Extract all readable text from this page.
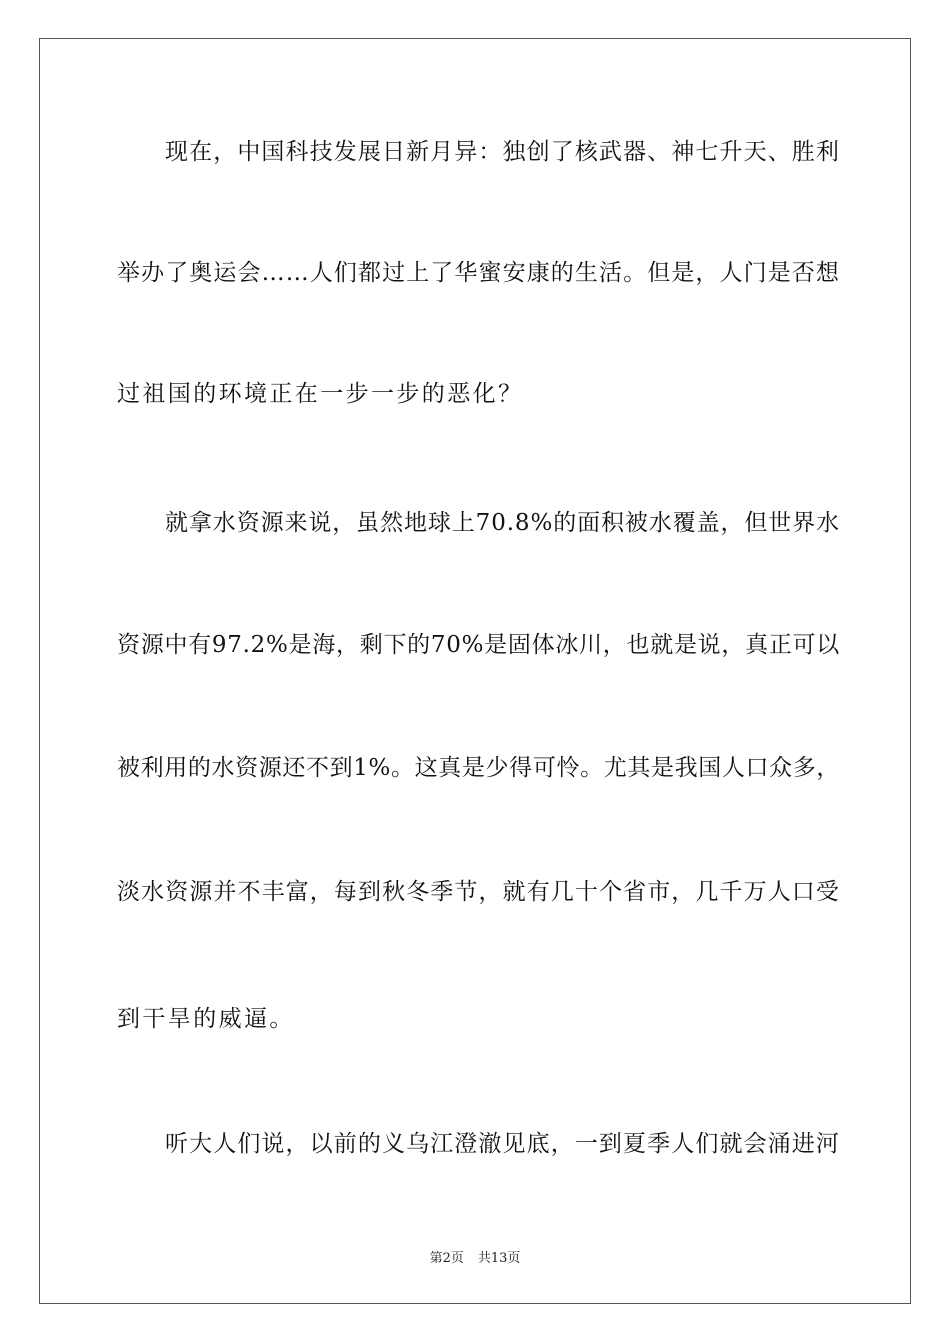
现在，中国科技发展日新月异：独创了核武器、神七升天、胜利
举办了奥运会……人们都过上了华蜜安康的生活。但是，人门是否想
过祖国的环境正在一步一步的恶化？
就拿水资源来说，虽然地球上70.8%的面积被水覆盖，但世界水
资源中有97.2%是海，剩下的70%是固体冰川，也就是说，真正可以
被利用的水资源还不到1%。这真是少得可怜。尤其是我国人口众多，
淡水资源并不丰富，每到秋冬季节，就有几十个省市，几千万人口受
到干旱的威逼。
听大人们说，以前的义乌江澄澈见底，一到夏季人们就会涌进河
第2页 共13页
